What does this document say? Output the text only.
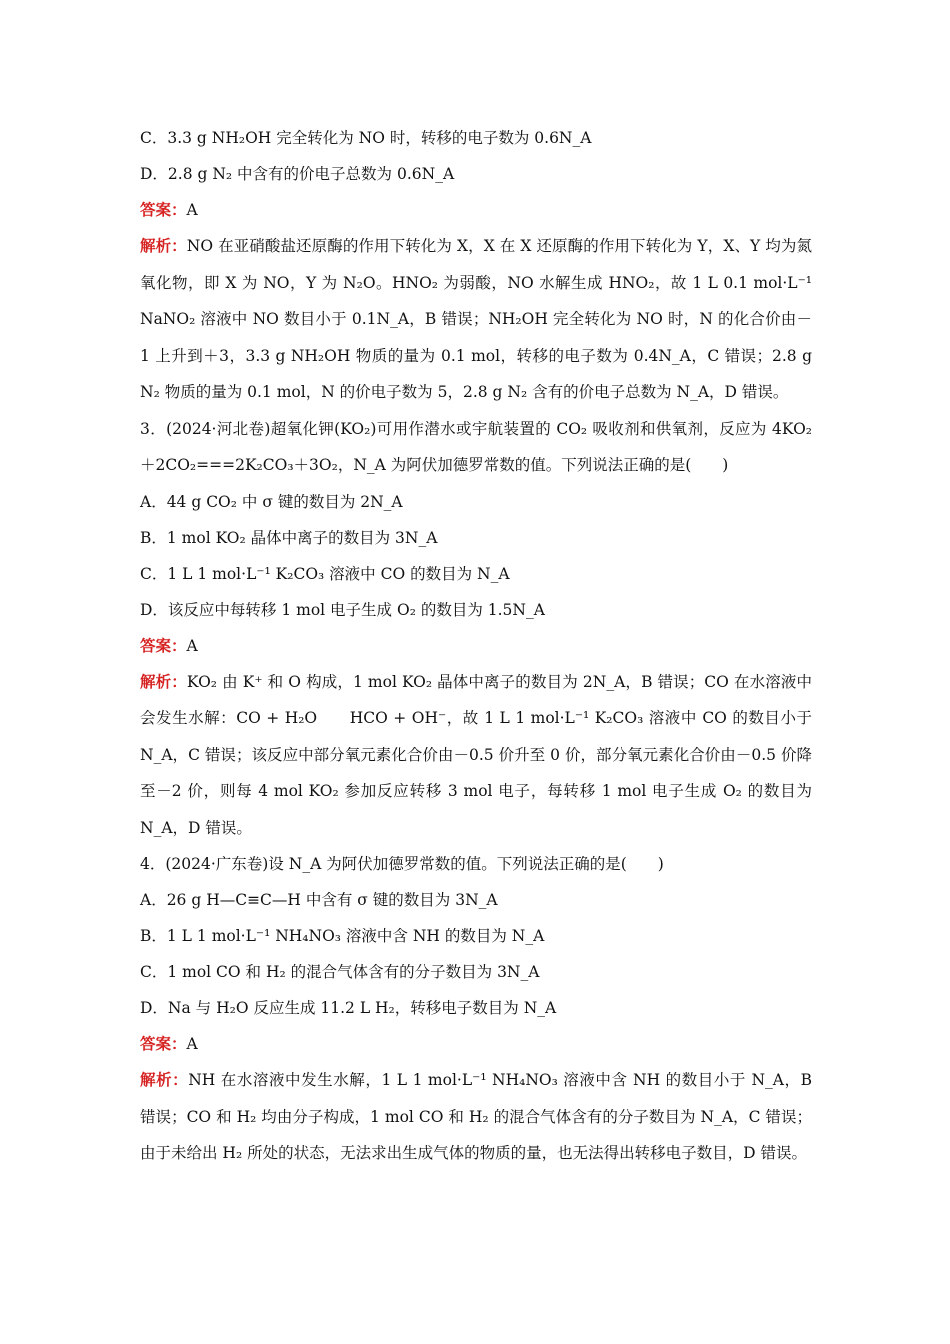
C．3.3 g NH₂OH 完全转化为 NO 时，转移的电子数为 0.6N_A

D．2.8 g N₂ 中含有的价电子总数为 0.6N_A

答案：A

解析：NO 在亚硝酸盐还原酶的作用下转化为 X，X 在 X 还原酶的作用下转化为 Y，X、Y 均为氮氧化物，即 X 为 NO，Y 为 N₂O。HNO₂ 为弱酸，NO 水解生成 HNO₂，故 1 L 0.1 mol·L⁻¹ NaNO₂ 溶液中 NO 数目小于 0.1N_A，B 错误；NH₂OH 完全转化为 NO 时，N 的化合价由－1 上升到＋3，3.3 g NH₂OH 物质的量为 0.1 mol，转移的电子数为 0.4N_A，C 错误；2.8 g N₂ 物质的量为 0.1 mol，N 的价电子数为 5，2.8 g N₂ 含有的价电子总数为 N_A，D 错误。

3．(2024·河北卷)超氧化钾(KO₂)可用作潜水或宇航装置的 CO₂ 吸收剂和供氧剂，反应为 4KO₂＋2CO₂===2K₂CO₃＋3O₂，N_A 为阿伏加德罗常数的值。下列说法正确的是(　　)

A．44 g CO₂ 中 σ 键的数目为 2N_A

B．1 mol KO₂ 晶体中离子的数目为 3N_A

C．1 L 1 mol·L⁻¹ K₂CO₃ 溶液中 CO 的数目为 N_A

D．该反应中每转移 1 mol 电子生成 O₂ 的数目为 1.5N_A

答案：A

解析：KO₂ 由 K⁺ 和 O 构成，1 mol KO₂ 晶体中离子的数目为 2N_A，B 错误；CO 在水溶液中会发生水解：CO + H₂O　　HCO + OH⁻，故 1 L 1 mol·L⁻¹ K₂CO₃ 溶液中 CO 的数目小于 N_A，C 错误；该反应中部分氧元素化合价由－0.5 价升至 0 价，部分氧元素化合价由－0.5 价降至－2 价，则每 4 mol KO₂ 参加反应转移 3 mol 电子，每转移 1 mol 电子生成 O₂ 的数目为 N_A，D 错误。

4．(2024·广东卷)设 N_A 为阿伏加德罗常数的值。下列说法正确的是(　　)

A．26 g H—C≡C—H 中含有 σ 键的数目为 3N_A

B．1 L 1 mol·L⁻¹ NH₄NO₃ 溶液中含 NH 的数目为 N_A

C．1 mol CO 和 H₂ 的混合气体含有的分子数目为 3N_A

D．Na 与 H₂O 反应生成 11.2 L H₂，转移电子数目为 N_A

答案：A

解析：NH 在水溶液中发生水解，1 L 1 mol·L⁻¹ NH₄NO₃ 溶液中含 NH 的数目小于 N_A，B 错误；CO 和 H₂ 均由分子构成，1 mol CO 和 H₂ 的混合气体含有的分子数目为 N_A，C 错误；由于未给出 H₂ 所处的状态，无法求出生成气体的物质的量，也无法得出转移电子数目，D 错误。
